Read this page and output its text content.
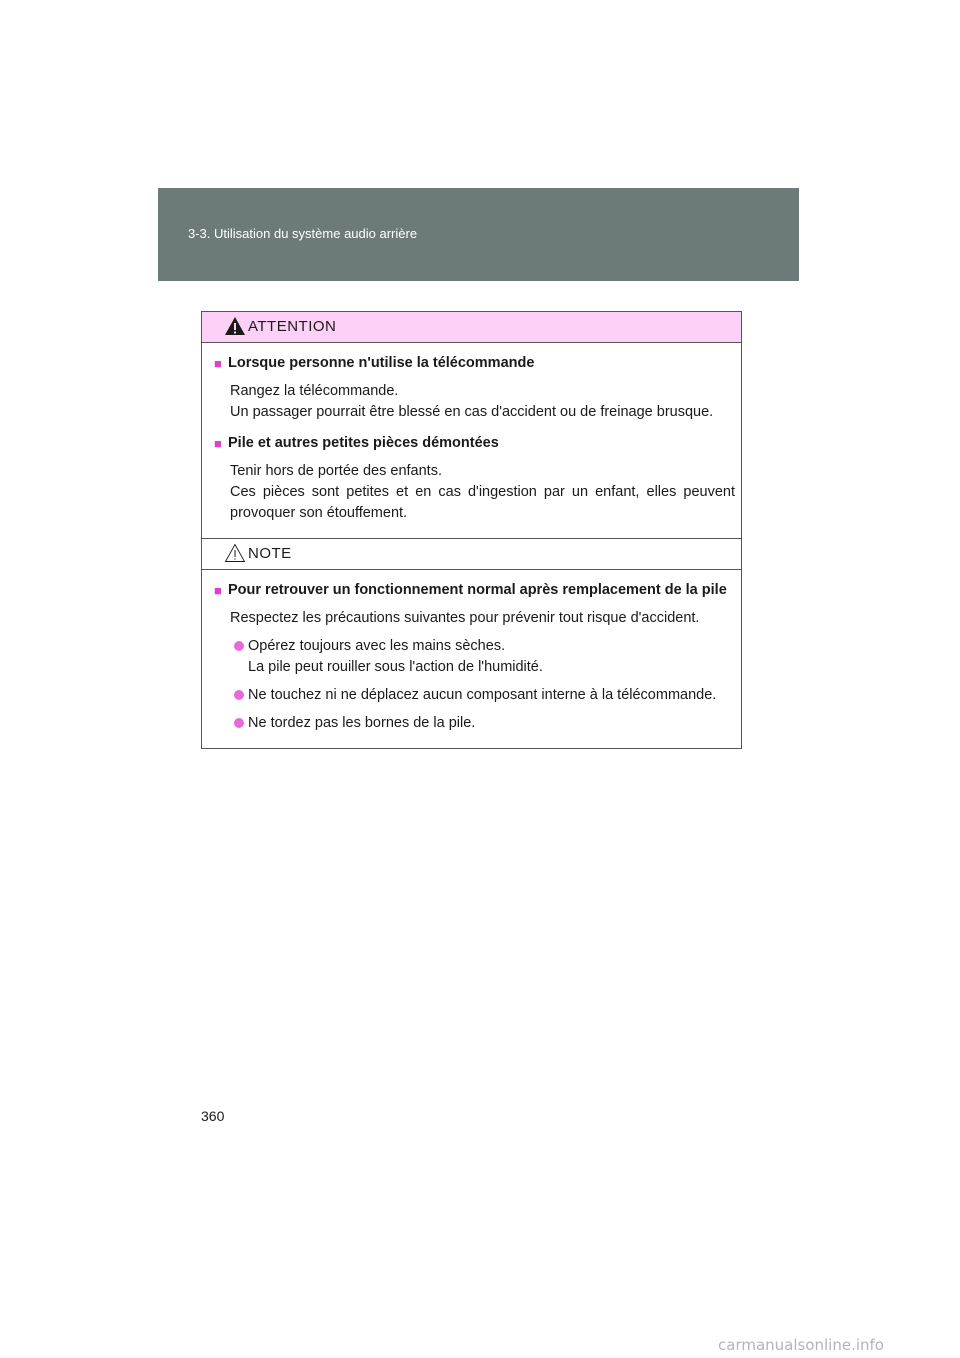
3-3. Utilisation du système audio arrière
ATTENTION
■ Lorsque personne n'utilise la télécommande

Rangez la télécommande.

Un passager pourrait être blessé en cas d'accident ou de freinage brusque.

■ Pile et autres petites pièces démontées

Tenir hors de portée des enfants.

Ces pièces sont petites et en cas d'ingestion par un enfant, elles peuvent provoquer son étouffement.

NOTE
■ Pour retrouver un fonctionnement normal après remplacement de la pile

Respectez les précautions suivantes pour prévenir tout risque d'accident.

Opérez toujours avec les mains sèches.

La pile peut rouiller sous l'action de l'humidité.

Ne touchez ni ne déplacez aucun composant interne à la télécommande.

Ne tordez pas les bornes de la pile.

360
carmanualsonline.info
